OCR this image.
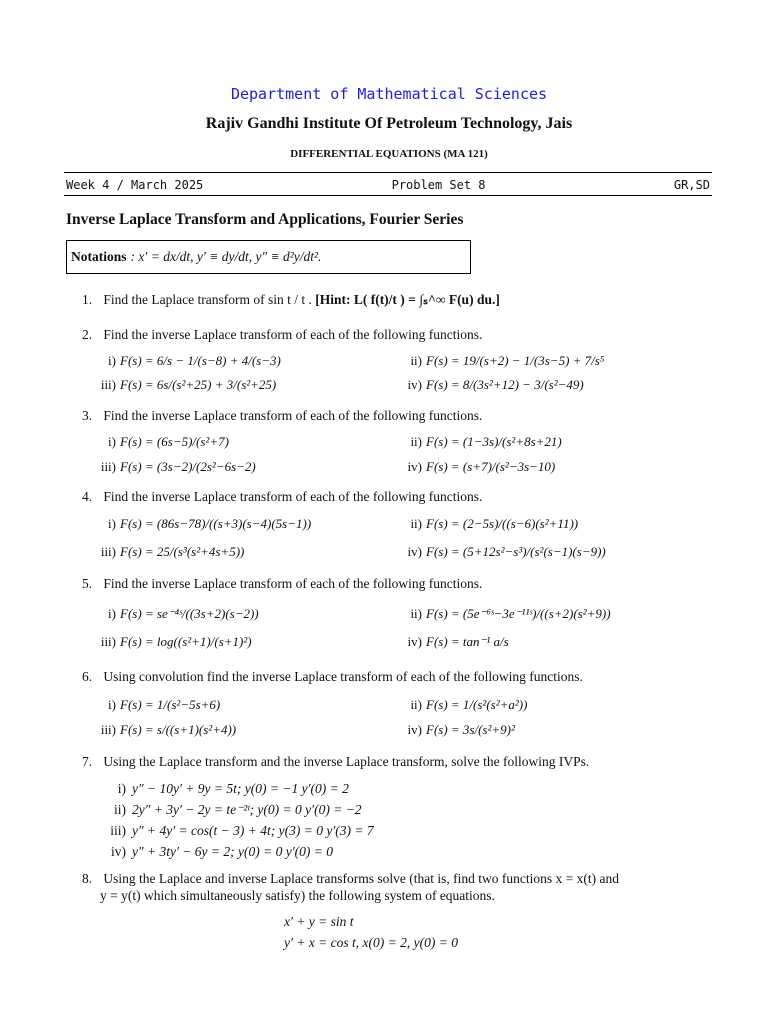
Department of Mathematical Sciences
Rajiv Gandhi Institute Of Petroleum Technology, Jais
DIFFERENTIAL EQUATIONS (MA 121)
Week 4 / March 2025	Problem Set 8	GR,SD
Inverse Laplace Transform and Applications, Fourier Series
Notations : x′ = dx/dt, y′ ≡ dy/dt, y″ ≡ d²y/dt².
1. Find the Laplace transform of sin t / t . [Hint: L( f(t)/t ) = ∫ₛ^∞ F(u) du.]
2. Find the inverse Laplace transform of each of the following functions.
i) F(s) = 6/s − 1/(s−8) + 4/(s−3)	ii) F(s) = 19/(s+2) − 1/(3s−5) + 7/s⁵
iii) F(s) = 6s/(s²+25) + 3/(s²+25)	iv) F(s) = 8/(3s²+12) − 3/(s²−49)
3. Find the inverse Laplace transform of each of the following functions.
i) F(s) = (6s−5)/(s²+7)	ii) F(s) = (1−3s)/(s²+8s+21)
iii) F(s) = (3s−2)/(2s²−6s−2)	iv) F(s) = (s+7)/(s²−3s−10)
4. Find the inverse Laplace transform of each of the following functions.
i) F(s) = (86s−78)/((s+3)(s−4)(5s−1))	ii) F(s) = (2−5s)/((s−6)(s²+11))
iii) F(s) = 25/(s³(s²+4s+5))	iv) F(s) = (5+12s²−s³)/(s²(s−1)(s−9))
5. Find the inverse Laplace transform of each of the following functions.
i) F(s) = se⁻⁴ˢ/((3s+2)(s−2))	ii) F(s) = (5e⁻⁶ˢ−3e⁻¹¹ˢ)/((s+2)(s²+9))
iii) F(s) = log((s²+1)/(s+1)²)	iv) F(s) = tan⁻¹ a/s
6. Using convolution find the inverse Laplace transform of each of the following functions.
i) F(s) = 1/(s²−5s+6)	ii) F(s) = 1/(s²(s²+a²))
iii) F(s) = s/((s+1)(s²+4))	iv) F(s) = 3s/(s²+9)²
7. Using the Laplace transform and the inverse Laplace transform, solve the following IVPs.
i) y″ − 10y′ + 9y = 5t; y(0) = −1 y′(0) = 2
ii) 2y″ + 3y′ − 2y = te⁻²ᵗ; y(0) = 0 y′(0) = −2
iii) y″ + 4y′ = cos(t − 3) + 4t; y(3) = 0 y′(3) = 7
iv) y″ + 3ty′ − 6y = 2; y(0) = 0 y′(0) = 0
8. Using the Laplace and inverse Laplace transforms solve (that is, find two functions x = x(t) and
y = y(t) which simultaneously satisfy) the following system of equations.
x′ + y = sin t
y′ + x = cos t, x(0) = 2, y(0) = 0
